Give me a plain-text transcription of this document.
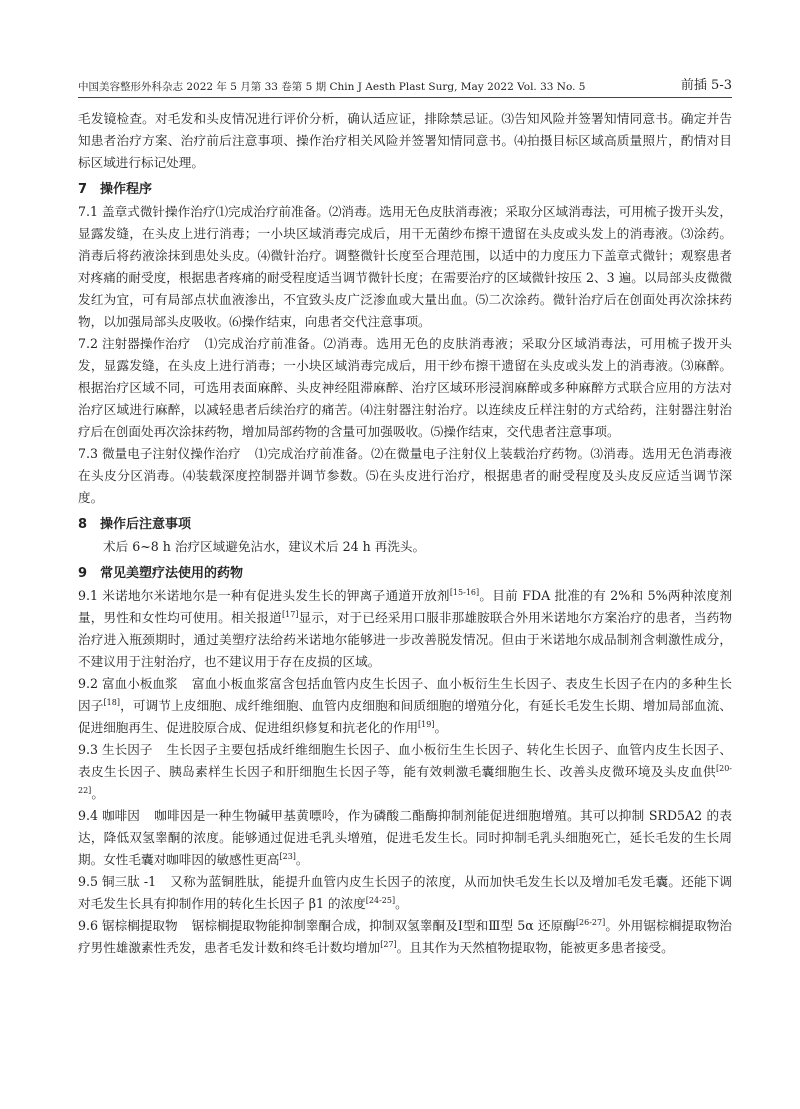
中国美容整形外科杂志 2022 年 5 月第 33 卷第 5 期 Chin J Aesth Plast Surg, May 2022 Vol. 33 No. 5	前插 5-3

毛发镜检查。对毛发和头皮情况进行评价分析，确认适应证，排除禁忌证。⑶告知风险并签署知情同意书。确定并告知患者治疗方案、治疗前后注意事项、操作治疗相关风险并签署知情同意书。⑷拍摄目标区域高质量照片，酌情对目标区域进行标记处理。

7 操作程序

7.1 盖章式微针操作治疗⑴完成治疗前准备。⑵消毒。选用无色皮肤消毒液；采取分区域消毒法，可用梳子拨开头发，显露发缝，在头皮上进行消毒；一小块区域消毒完成后，用干无菌纱布擦干遗留在头皮或头发上的消毒液。⑶涂药。消毒后将药液涂抹到患处头皮。⑷微针治疗。调整微针长度至合理范围，以适中的力度压力下盖章式微针；观察患者对疼痛的耐受度，根据患者疼痛的耐受程度适当调节微针长度；在需要治疗的区域微针按压 2、3 遍。以局部头皮微微发红为宜，可有局部点状血液渗出，不宜致头皮广泛渗血或大量出血。⑸二次涂药。微针治疗后在创面处再次涂抹药物，以加强局部头皮吸收。⑹操作结束，向患者交代注意事项。

7.2 注射器操作治疗 ⑴完成治疗前准备。⑵消毒。选用无色的皮肤消毒液；采取分区域消毒法，可用梳子拨开头发，显露发缝，在头皮上进行消毒；一小块区域消毒完成后，用干纱布擦干遗留在头皮或头发上的消毒液。⑶麻醉。根据治疗区域不同，可选用表面麻醉、头皮神经阻滞麻醉、治疗区域环形浸润麻醉或多种麻醉方式联合应用的方法对治疗区域进行麻醉，以减轻患者后续治疗的痛苦。⑷注射器注射治疗。以连续皮丘样注射的方式给药，注射器注射治疗后在创面处再次涂抹药物，增加局部药物的含量可加强吸收。⑸操作结束，交代患者注意事项。

7.3 微量电子注射仪操作治疗 ⑴完成治疗前准备。⑵在微量电子注射仪上装载治疗药物。⑶消毒。选用无色消毒液在头皮分区消毒。⑷装载深度控制器并调节参数。⑸在头皮进行治疗，根据患者的耐受程度及头皮反应适当调节深度。

8 操作后注意事项

术后 6~8 h 治疗区域避免沾水，建议术后 24 h 再洗头。

9 常见美塑疗法使用的药物

9.1 米诺地尔米诺地尔是一种有促进头发生长的钾离子通道开放剂[15-16]。目前 FDA 批准的有 2%和 5%两种浓度剂量，男性和女性均可使用。相关报道[17]显示，对于已经采用口服非那雄胺联合外用米诺地尔方案治疗的患者，当药物治疗进入瓶颈期时，通过美塑疗法给药米诺地尔能够进一步改善脱发情况。但由于米诺地尔成品制剂含刺激性成分，不建议用于注射治疗，也不建议用于存在皮损的区域。

9.2 富血小板血浆 富血小板血浆富含包括血管内皮生长因子、血小板衍生生长因子、表皮生长因子在内的多种生长因子[18]，可调节上皮细胞、成纤维细胞、血管内皮细胞和间质细胞的增殖分化，有延长毛发生长期、增加局部血流、促进细胞再生、促进胶原合成、促进组织修复和抗老化的作用[19]。

9.3 生长因子 生长因子主要包括成纤维细胞生长因子、血小板衍生生长因子、转化生长因子、血管内皮生长因子、表皮生长因子、胰岛素样生长因子和肝细胞生长因子等，能有效刺激毛囊细胞生长、改善头皮微环境及头皮血供[20-22]。

9.4 咖啡因 咖啡因是一种生物碱甲基黄嘌呤，作为磷酸二酯酶抑制剂能促进细胞增殖。其可以抑制 SRD5A2 的表达，降低双氢睾酮的浓度。能够通过促进毛乳头增殖，促进毛发生长。同时抑制毛乳头细胞死亡，延长毛发的生长周期。女性毛囊对咖啡因的敏感性更高[23]。

9.5 铜三肽 -1 又称为蓝铜胜肽，能提升血管内皮生长因子的浓度，从而加快毛发生长以及增加毛发毛囊。还能下调对毛发生长具有抑制作用的转化生长因子 β1 的浓度[24-25]。

9.6 锯棕榈提取物 锯棕榈提取物能抑制睾酮合成，抑制双氢睾酮及Ⅰ型和Ⅲ型 5α 还原酶[26-27]。外用锯棕榈提取物治疗男性雄激素性秃发，患者毛发计数和终毛计数均增加[27]。且其作为天然植物提取物，能被更多患者接受。
